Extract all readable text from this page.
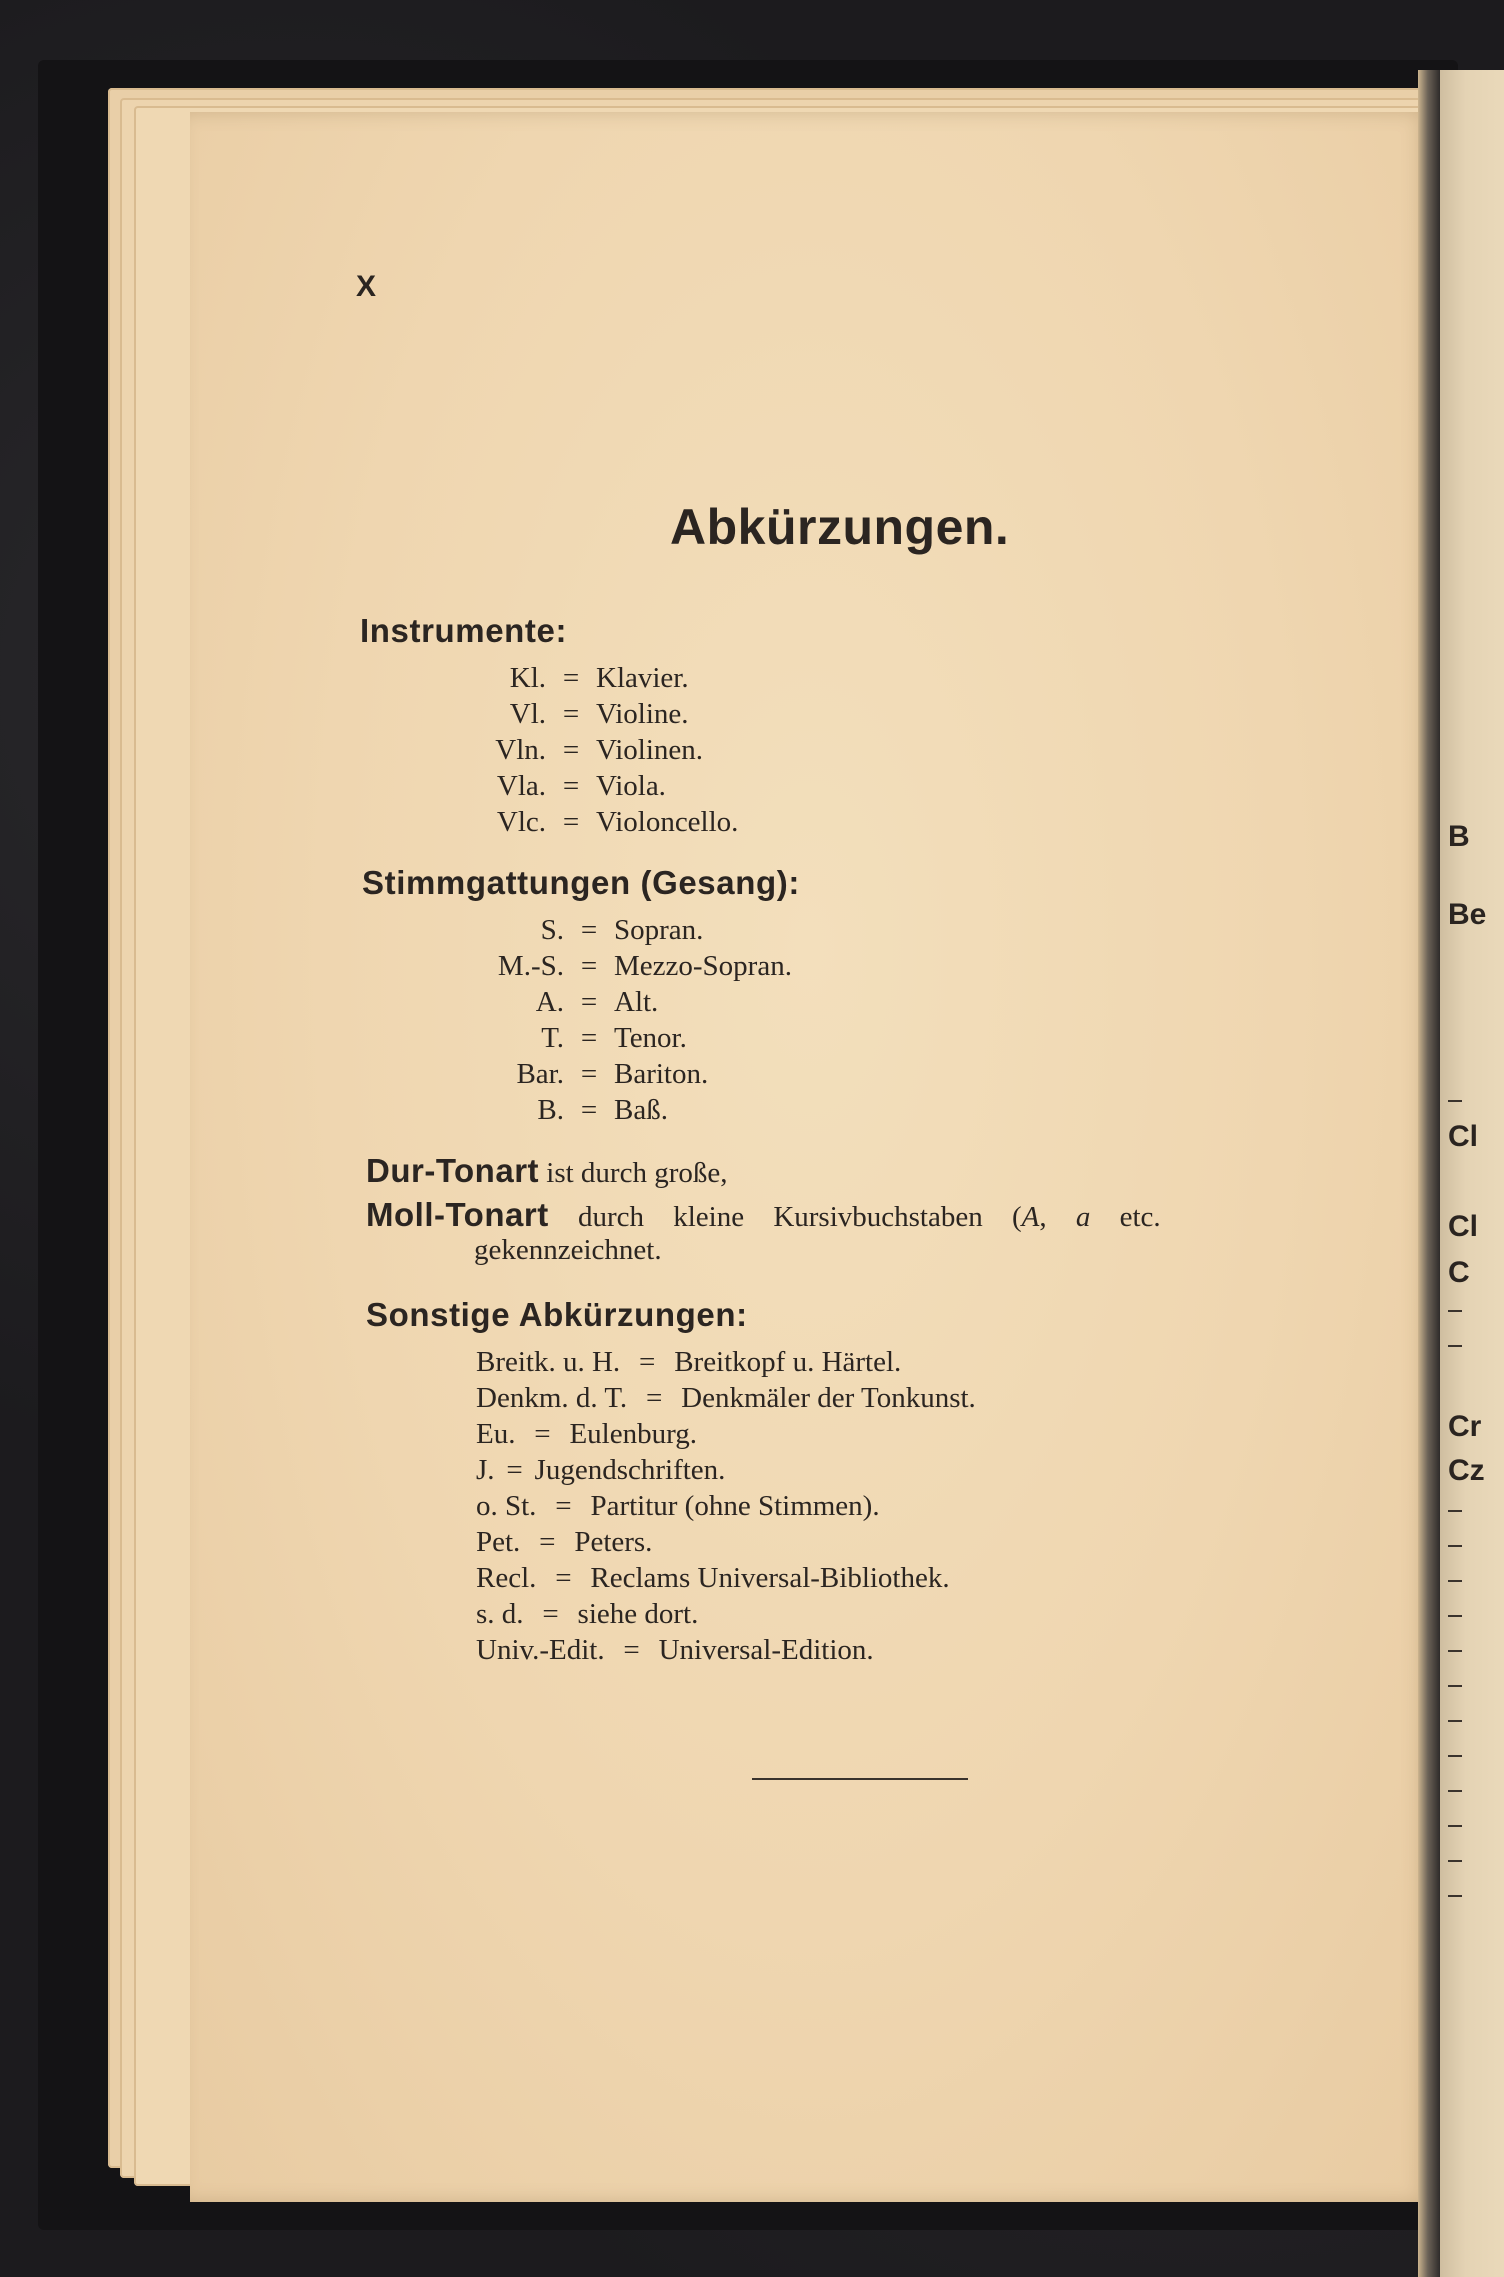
B
Be
Cl
Cl
C
Cr
Cz
X
Abkürzungen.
Instrumente:
Kl. = Klavier.
Vl. = Violine.
Vln. = Violinen.
Vla. = Viola.
Vlc. = Violoncello.
Stimmgattungen (Gesang):
S. = Sopran.
M.-S. = Mezzo-Sopran.
A. = Alt.
T. = Tenor.
Bar. = Bariton.
B. = Baß.
Dur-Tonart ist durch große,
Moll-Tonart durch kleine Kursivbuchstaben (A, a etc.
gekennzeichnet.
Sonstige Abkürzungen:
Breitk. u. H. = Breitkopf u. Härtel.
Denkm. d. T. = Denkmäler der Tonkunst.
Eu. = Eulenburg.
J. = Jugendschriften.
o. St. = Partitur (ohne Stimmen).
Pet. = Peters.
Recl. = Reclams Universal-Bibliothek.
s. d. = siehe dort.
Univ.-Edit. = Universal-Edition.
